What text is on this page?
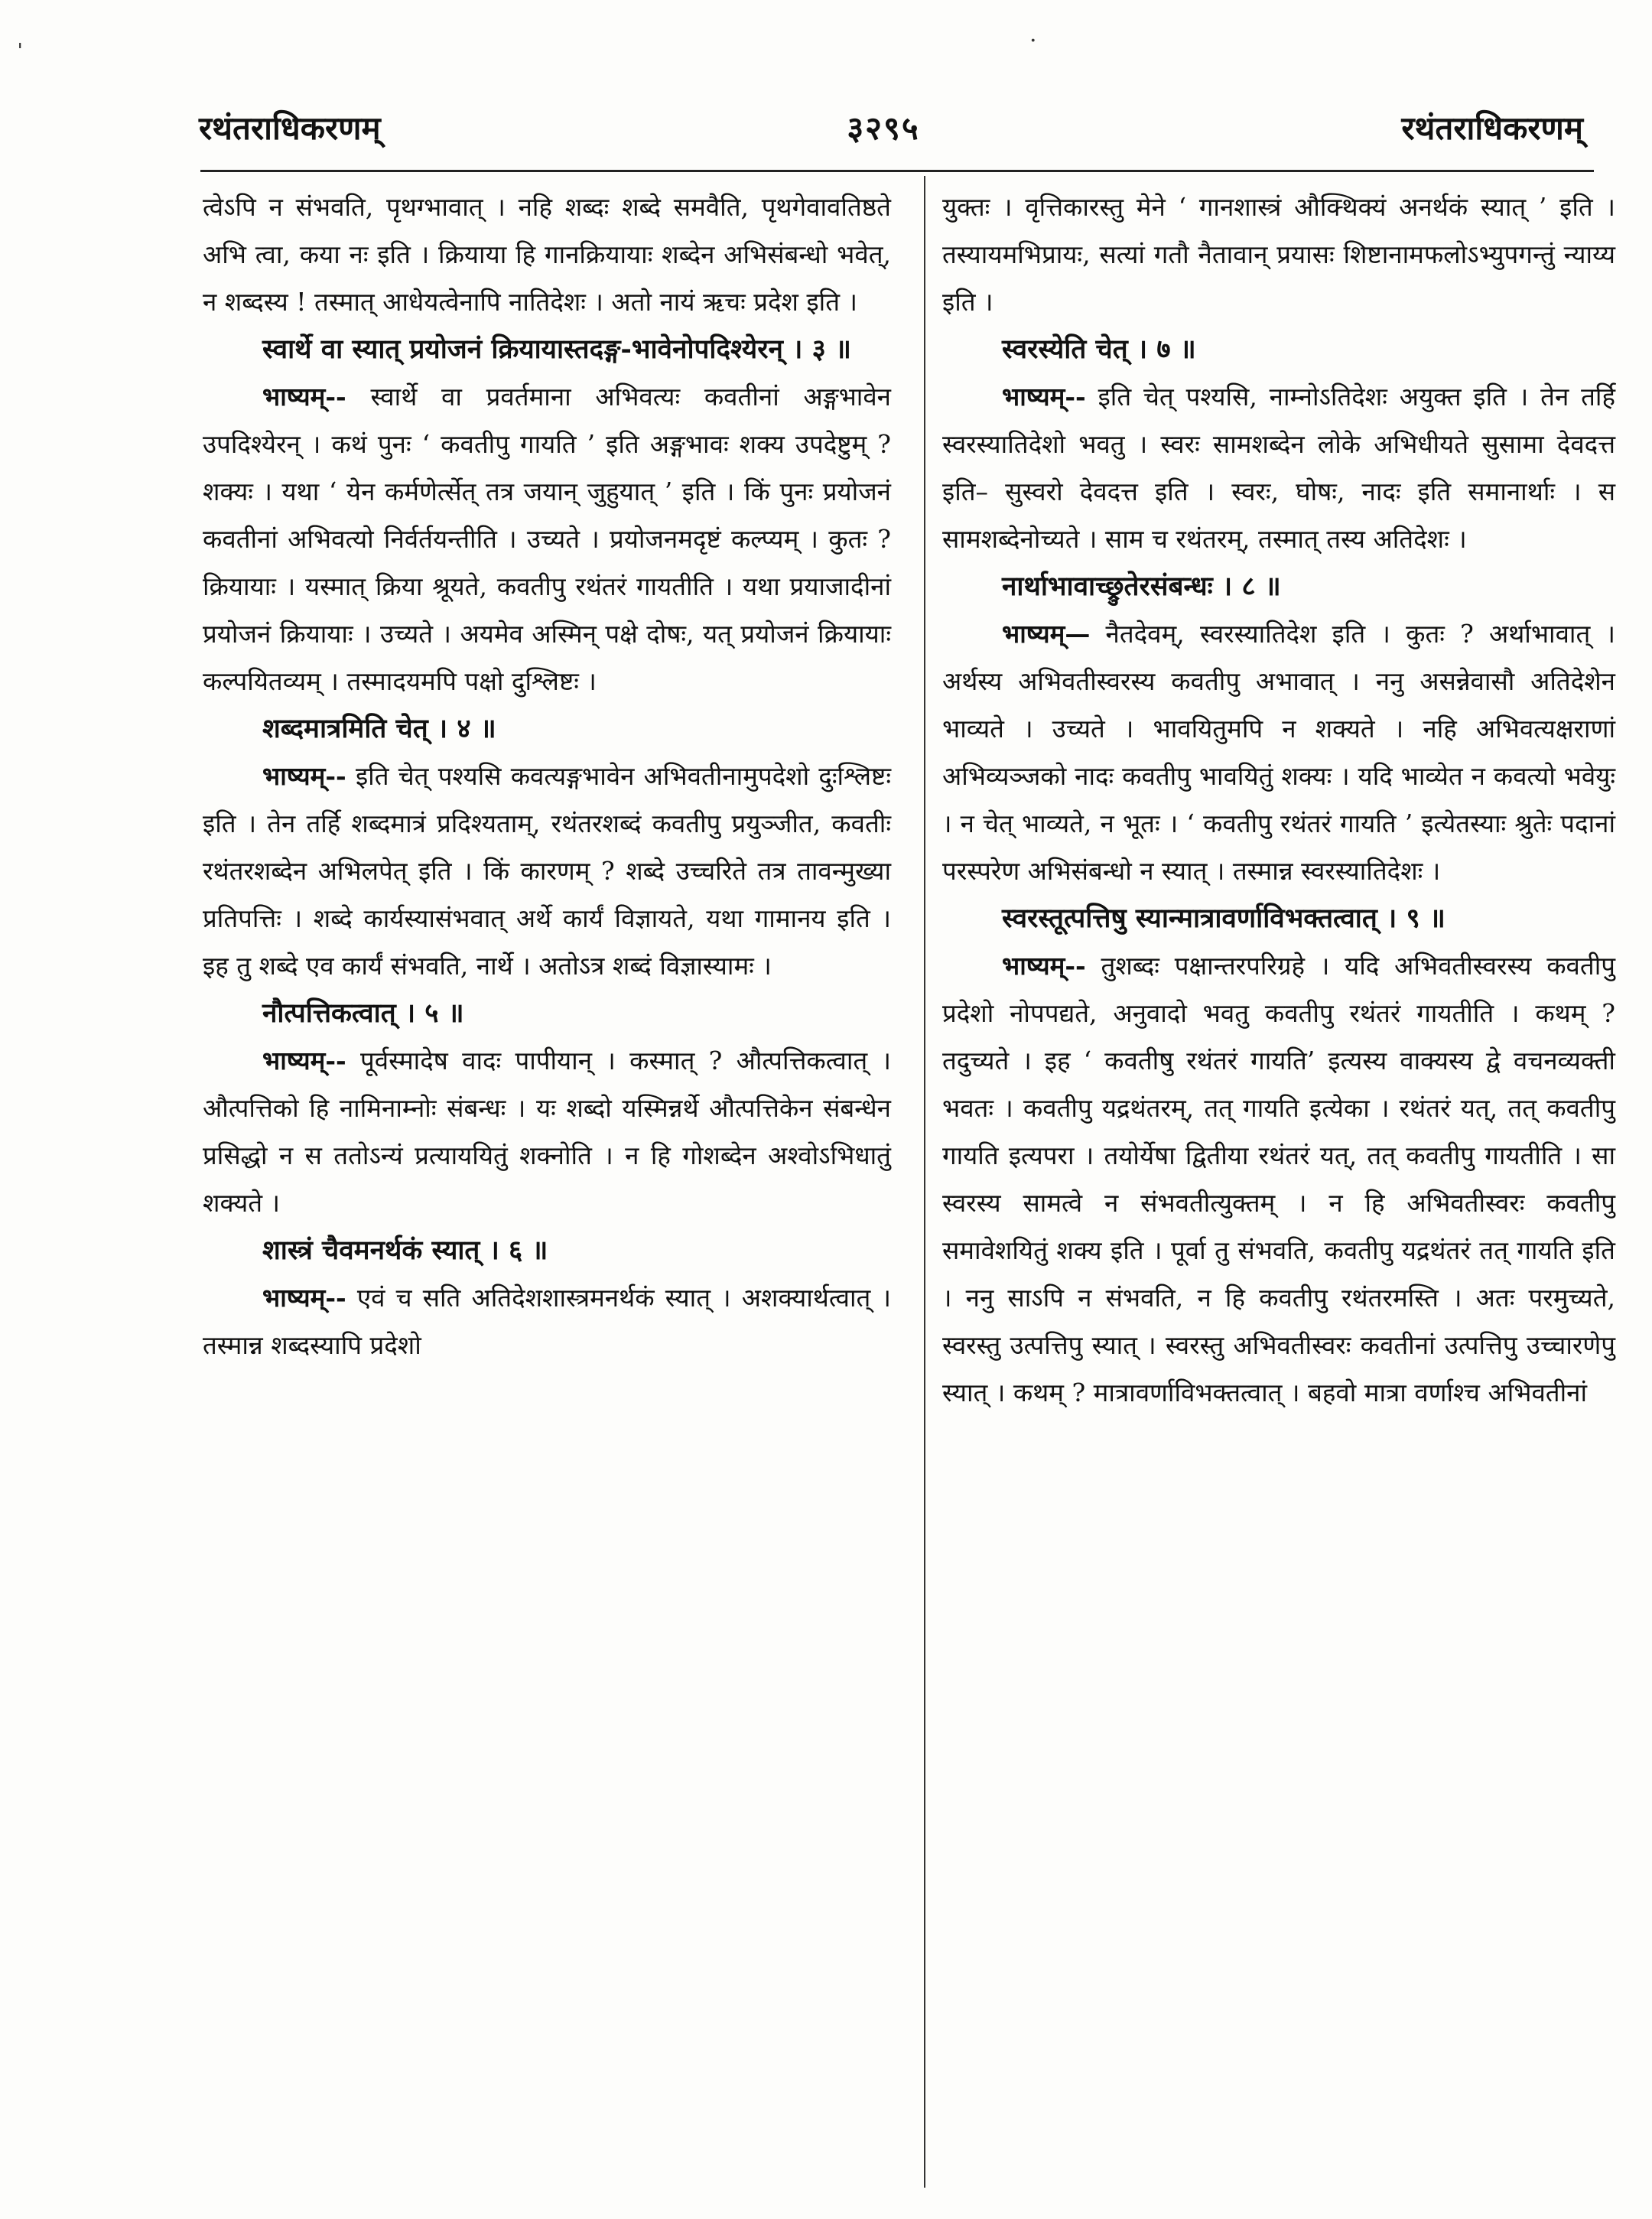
रथंतराधिकरणम्	३२९५	रथंतराधिकरणम्
ˈ	·

त्वेऽपि न संभवति, पृथग्भावात् । नहि शब्दः शब्दे समवैति, पृथगेवावतिष्ठते अभि त्वा, कया नः इति । क्रियाया हि गानक्रियायाः शब्देन अभिसंबन्धो भवेत्, न शब्दस्य ! तस्मात् आधेयत्वेनापि नातिदेशः । अतो नायं ऋचः प्रदेश इति ।

स्वार्थे वा स्यात् प्रयोजनं क्रियायास्तदङ्ग-भावेनोपदिश्येरन् । ३ ॥

भाष्यम्-- स्वार्थे वा प्रवर्तमाना अभिवत्यः कवतीनां अङ्गभावेन उपदिश्येरन् । कथं पुनः ‘ कवतीपु गायति ’ इति अङ्गभावः शक्य उपदेष्टुम् ? शक्यः । यथा ‘ येन कर्मणेर्त्सेत् तत्र जयान् जुहुयात् ’ इति । किं पुनः प्रयोजनं कवतीनां अभिवत्यो निर्वर्तयन्तीति । उच्यते । प्रयोजनमदृष्टं कल्प्यम् । कुतः ? क्रियायाः । यस्मात् क्रिया श्रूयते, कवतीपु रथंतरं गायतीति । यथा प्रयाजादीनां प्रयोजनं क्रियायाः । उच्यते । अयमेव अस्मिन् पक्षे दोषः, यत् प्रयोजनं क्रियायाः कल्पयितव्यम् । तस्मादयमपि पक्षो दुश्लिष्टः ।

शब्दमात्रमिति चेत् । ४ ॥

भाष्यम्-- इति चेत् पश्यसि कवत्यङ्गभावेन अभिवतीनामुपदेशो दुःश्लिष्टः इति । तेन तर्हि शब्दमात्रं प्रदिश्यताम्, रथंतरशब्दं कवतीपु प्रयुञ्जीत, कवतीः रथंतरशब्देन अभिलपेत् इति । किं कारणम् ? शब्दे उच्चरिते तत्र तावन्मुख्या प्रतिपत्तिः । शब्दे कार्यस्यासंभवात् अर्थे कार्यं विज्ञायते, यथा गामानय इति । इह तु शब्दे एव कार्यं संभवति, नार्थे । अतोऽत्र शब्दं विज्ञास्यामः ।

नौत्पत्तिकत्वात् । ५ ॥

भाष्यम्-- पूर्वस्मादेष वादः पापीयान् । कस्मात् ? औत्पत्तिकत्वात् । औत्पत्तिको हि नामिनाम्नोः संबन्धः । यः शब्दो यस्मिन्नर्थे औत्पत्तिकेन संबन्धेन प्रसिद्धो न स ततोऽन्यं प्रत्याययितुं शक्नोति । न हि गोशब्देन अश्वोऽभिधातुं शक्यते ।

शास्त्रं चैवमनर्थकं स्यात् । ६ ॥

भाष्यम्-- एवं च सति अतिदेशशास्त्रमनर्थकं स्यात् । अशक्यार्थत्वात् । तस्मान्न शब्दस्यापि प्रदेशो

युक्तः । वृत्तिकारस्तु मेने ‘ गानशास्त्रं औक्थिक्यं अनर्थकं स्यात् ’ इति । तस्यायमभिप्रायः, सत्यां गतौ नैतावान् प्रयासः शिष्टानामफलोऽभ्युपगन्तुं न्याय्य इति ।

स्वरस्येति चेत् । ७ ॥

भाष्यम्-- इति चेत् पश्यसि, नाम्नोऽतिदेशः अयुक्त इति । तेन तर्हि स्वरस्यातिदेशो भवतु । स्वरः सामशब्देन लोके अभिधीयते सुसामा देवदत्त इति– सुस्वरो देवदत्त इति । स्वरः, घोषः, नादः इति समानार्थाः । स सामशब्देनोच्यते । साम च रथंतरम्, तस्मात् तस्य अतिदेशः ।

नार्थाभावाच्छ्रुतेरसंबन्धः । ८ ॥

भाष्यम्— नैतदेवम्, स्वरस्यातिदेश इति । कुतः ? अर्थाभावात् । अर्थस्य अभिवतीस्वरस्य कवतीपु अभावात् । ननु असन्नेवासौ अतिदेशेन भाव्यते । उच्यते । भावयितुमपि न शक्यते । नहि अभिवत्यक्षराणां अभिव्यञ्जको नादः कवतीपु भावयितुं शक्यः । यदि भाव्येत न कवत्यो भवेयुः । न चेत् भाव्यते, न भूतः । ‘ कवतीपु रथंतरं गायति ’ इत्येतस्याः श्रुतेः पदानां परस्परेण अभिसंबन्धो न स्यात् । तस्मान्न स्वरस्यातिदेशः ।

स्वरस्तूत्पत्तिषु स्यान्मात्रावर्णाविभक्तत्वात् । ९ ॥

भाष्यम्-- तुशब्दः पक्षान्तरपरिग्रहे । यदि अभिवतीस्वरस्य कवतीपु प्रदेशो नोपपद्यते, अनुवादो भवतु कवतीपु रथंतरं गायतीति । कथम् ? तदुच्यते । इह ‘ कवतीषु रथंतरं गायति’ इत्यस्य वाक्यस्य द्वे वचनव्यक्ती भवतः । कवतीपु यद्रथंतरम्, तत् गायति इत्येका । रथंतरं यत्, तत् कवतीपु गायति इत्यपरा । तयोर्येषा द्वितीया रथंतरं यत्, तत् कवतीपु गायतीति । सा स्वरस्य सामत्वे न संभवतीत्युक्तम् । न हि अभिवतीस्वरः कवतीपु समावेशयितुं शक्य इति । पूर्वा तु संभवति, कवतीपु यद्रथंतरं तत् गायति इति । ननु साऽपि न संभवति, न हि कवतीपु रथंतरमस्ति । अतः परमुच्यते, स्वरस्तु उत्पत्तिपु स्यात् । स्वरस्तु अभिवतीस्वरः कवतीनां उत्पत्तिपु उच्चारणेपु स्यात् । कथम् ? मात्रावर्णाविभक्तत्वात् । बहवो मात्रा वर्णाश्च अभिवतीनां
